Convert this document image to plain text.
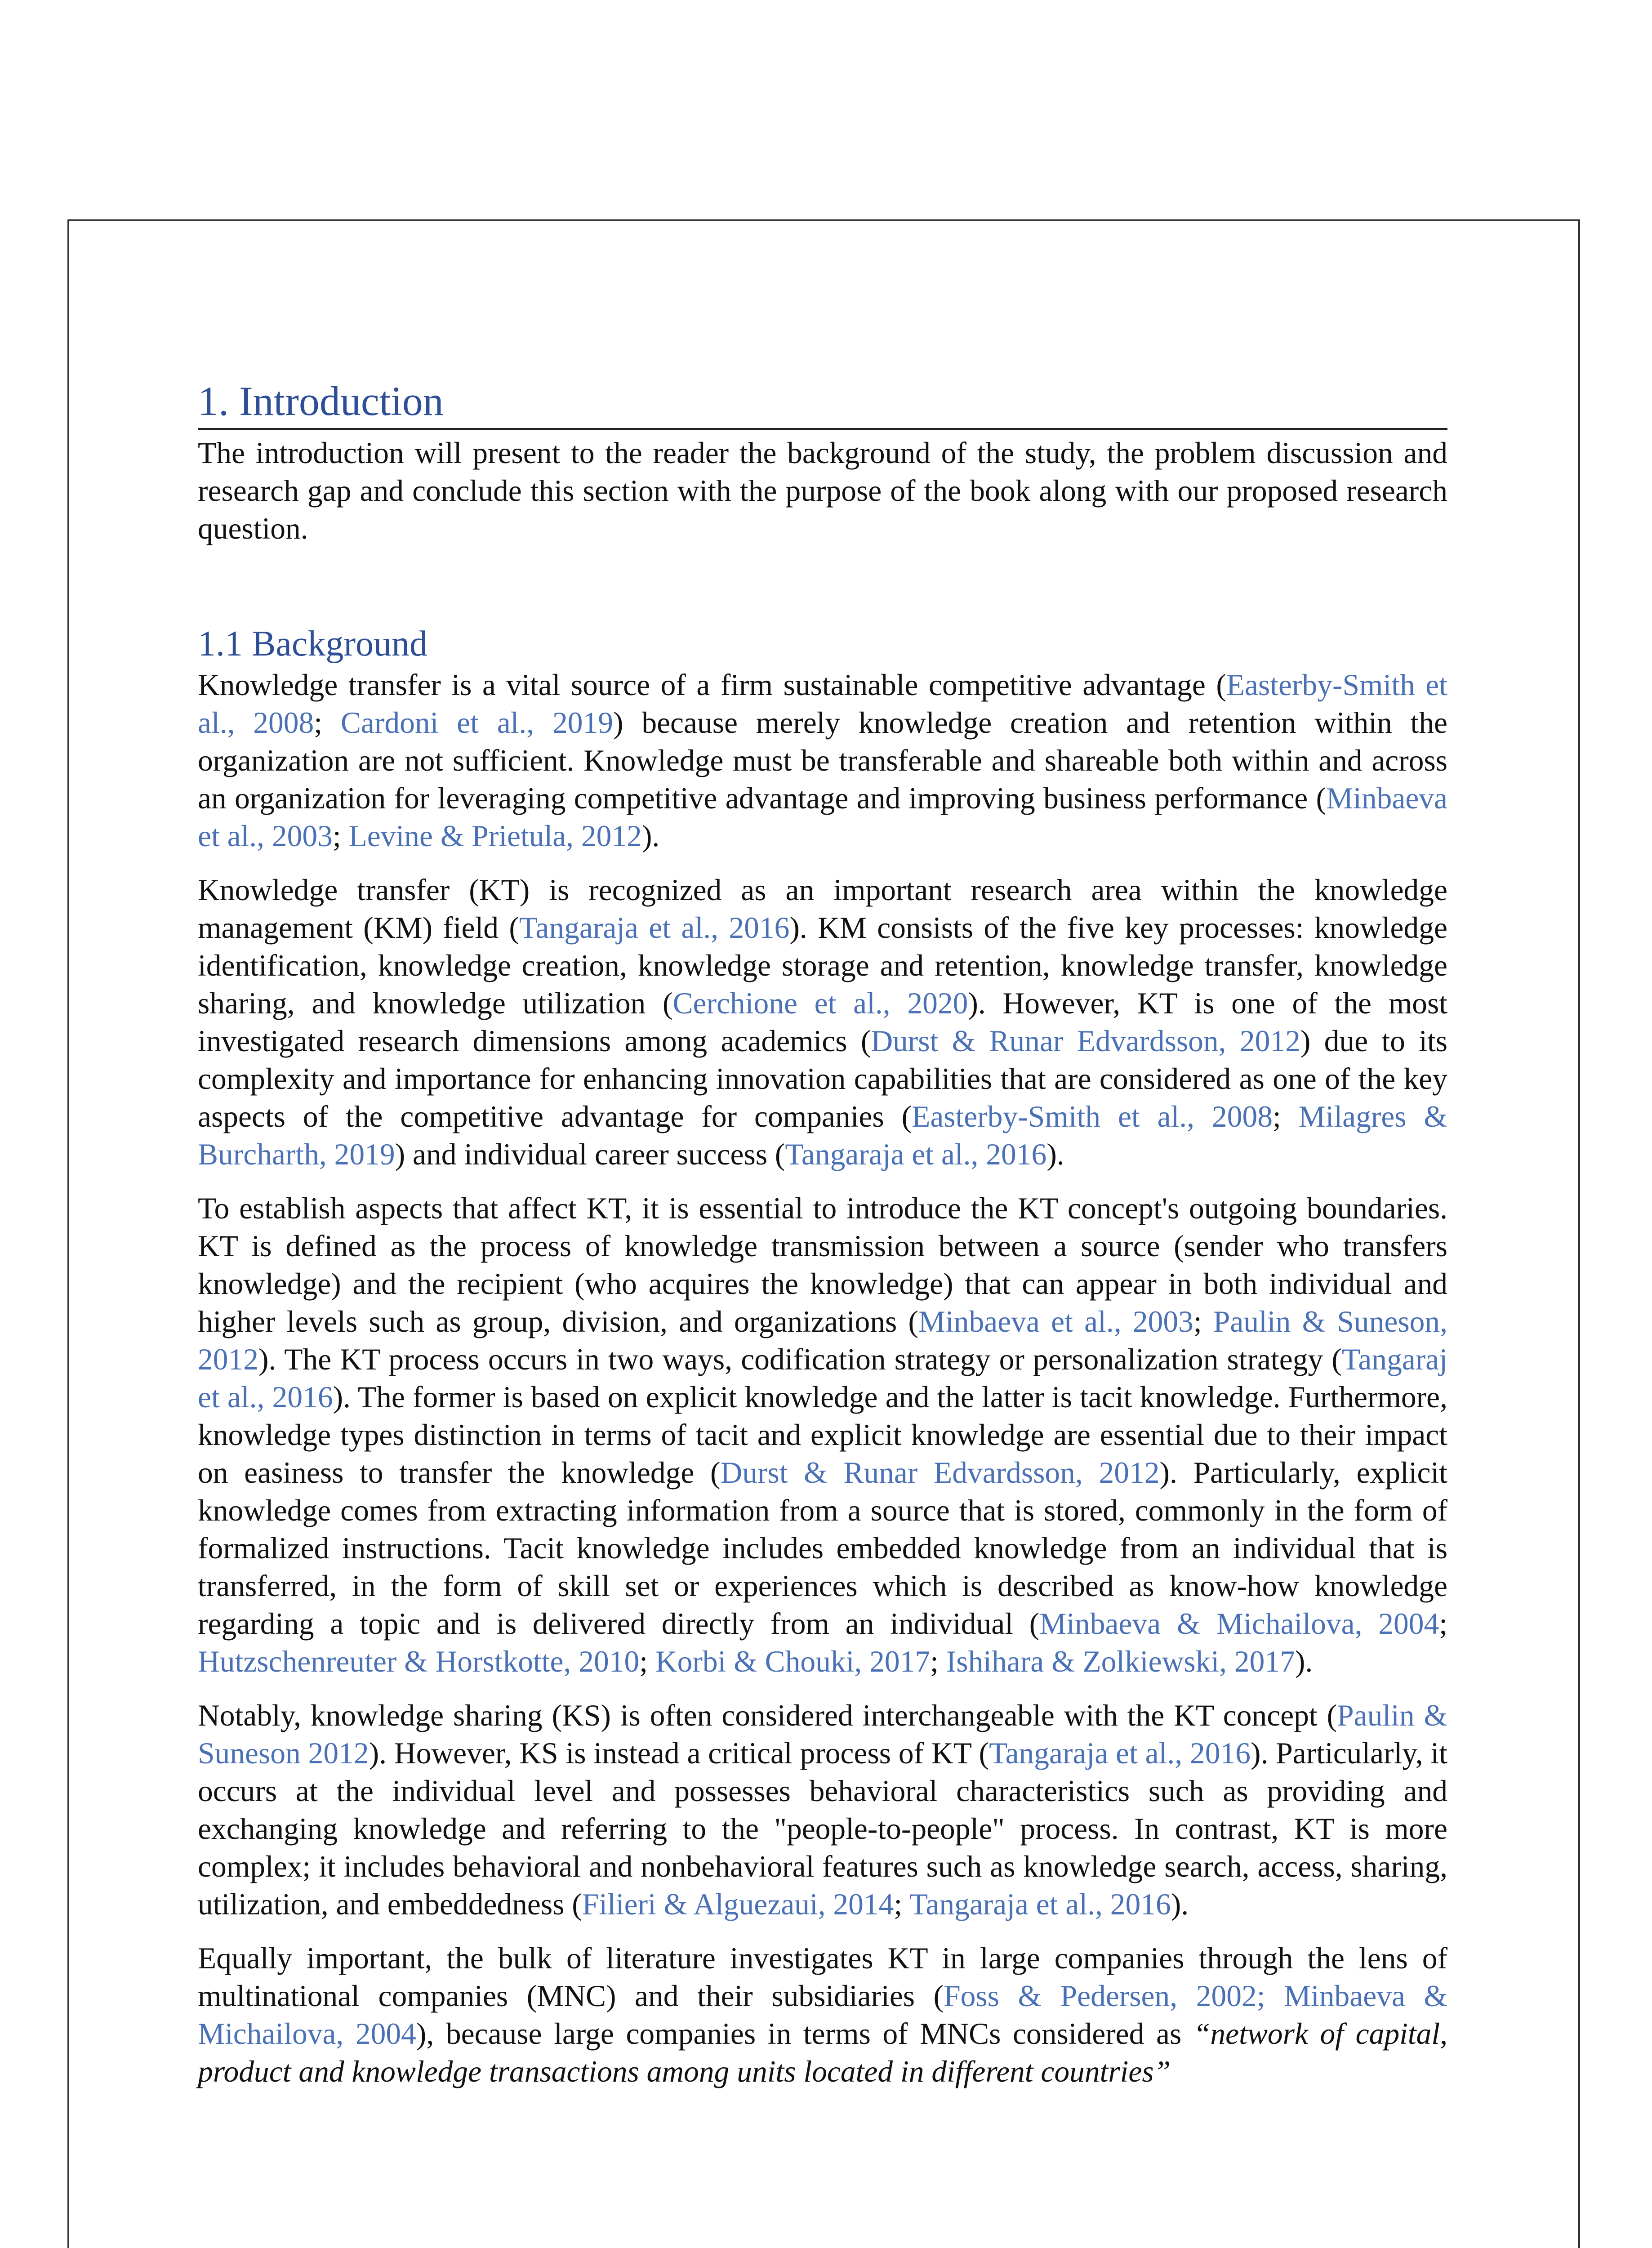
1. Introduction

The introduction will present to the reader the background of the study, the problem discussion and research gap and conclude this section with the purpose of the book along with our proposed research question.

1.1 Background

Knowledge transfer is a vital source of a firm sustainable competitive advantage (Easterby-Smith et al., 2008; Cardoni et al., 2019) because merely knowledge creation and retention within the organization are not sufficient. Knowledge must be transferable and shareable both within and across an organization for leveraging competitive advantage and improving business performance (Minbaeva et al., 2003; Levine & Prietula, 2012).

Knowledge transfer (KT) is recognized as an important research area within the knowledge management (KM) field (Tangaraja et al., 2016). KM consists of the five key processes: knowledge identification, knowledge creation, knowledge storage and retention, knowledge transfer, knowledge sharing, and knowledge utilization (Cerchione et al., 2020). However, KT is one of the most investigated research dimensions among academics (Durst & Runar Edvardsson, 2012) due to its complexity and importance for enhancing innovation capabilities that are considered as one of the key aspects of the competitive advantage for companies (Easterby-Smith et al., 2008; Milagres & Burcharth, 2019) and individual career success (Tangaraja et al., 2016).

To establish aspects that affect KT, it is essential to introduce the KT concept's outgoing boundaries. KT is defined as the process of knowledge transmission between a source (sender who transfers knowledge) and the recipient (who acquires the knowledge) that can appear in both individual and higher levels such as group, division, and organizations (Minbaeva et al., 2003; Paulin & Suneson, 2012). The KT process occurs in two ways, codification strategy or personalization strategy (Tangaraj et al., 2016). The former is based on explicit knowledge and the latter is tacit knowledge. Furthermore, knowledge types distinction in terms of tacit and explicit knowledge are essential due to their impact on easiness to transfer the knowledge (Durst & Runar Edvardsson, 2012). Particularly, explicit knowledge comes from extracting information from a source that is stored, commonly in the form of formalized instructions. Tacit knowledge includes embedded knowledge from an individual that is transferred, in the form of skill set or experiences which is described as know-how knowledge regarding a topic and is delivered directly from an individual (Minbaeva & Michailova, 2004; Hutzschenreuter & Horstkotte, 2010; Korbi & Chouki, 2017; Ishihara & Zolkiewski, 2017).

Notably, knowledge sharing (KS) is often considered interchangeable with the KT concept (Paulin & Suneson 2012). However, KS is instead a critical process of KT (Tangaraja et al., 2016). Particularly, it occurs at the individual level and possesses behavioral characteristics such as providing and exchanging knowledge and referring to the "people-to-people" process. In contrast, KT is more complex; it includes behavioral and nonbehavioral features such as knowledge search, access, sharing, utilization, and embeddedness (Filieri & Alguezaui, 2014; Tangaraja et al., 2016).

Equally important, the bulk of literature investigates KT in large companies through the lens of multinational companies (MNC) and their subsidiaries (Foss & Pedersen, 2002; Minbaeva & Michailova, 2004), because large companies in terms of MNCs considered as “network of capital, product and knowledge transactions among units located in different countries”
